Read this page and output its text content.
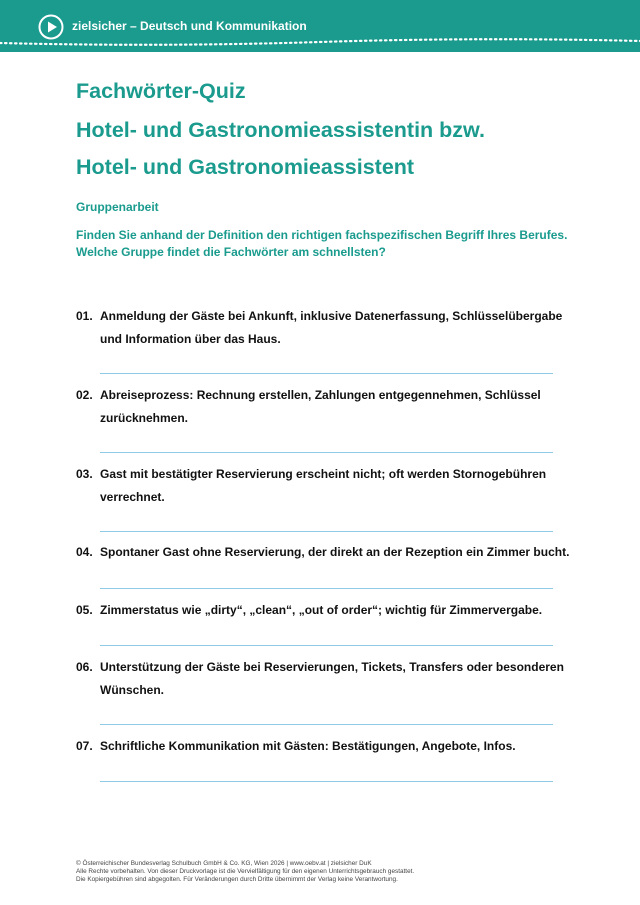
zielsicher – Deutsch und Kommunikation
Fachwörter-Quiz
Hotel- und Gastronomieassistentin bzw.
Hotel- und Gastronomieassistent

Gruppenarbeit

Finden Sie anhand der Definition den richtigen fachspezifischen Begriff Ihres Berufes.

Welche Gruppe findet die Fachwörter am schnellsten?

01. Anmeldung der Gäste bei Ankunft, inklusive Datenerfassung, Schlüsselübergabe und Information über das Haus.
02. Abreiseprozess: Rechnung erstellen, Zahlungen entgegennehmen, Schlüssel zurücknehmen.
03. Gast mit bestätigter Reservierung erscheint nicht; oft werden Stornogebühren verrechnet.
04. Spontaner Gast ohne Reservierung, der direkt an der Rezeption ein Zimmer bucht.
05. Zimmerstatus wie „dirty“, „clean“, „out of order“; wichtig für Zimmervergabe.
06. Unterstützung der Gäste bei Reservierungen, Tickets, Transfers oder besonderen Wünschen.
07. Schriftliche Kommunikation mit Gästen: Bestätigungen, Angebote, Infos.
© Österreichischer Bundesverlag Schulbuch GmbH & Co. KG, Wien 2026 | www.oebv.at | zielsicher DuK
Alle Rechte vorbehalten. Von dieser Druckvorlage ist die Vervielfältigung für den eigenen Unterrichtsgebrauch gestattet.
Die Kopiergebühren sind abgegolten. Für Veränderungen durch Dritte übernimmt der Verlag keine Verantwortung.
